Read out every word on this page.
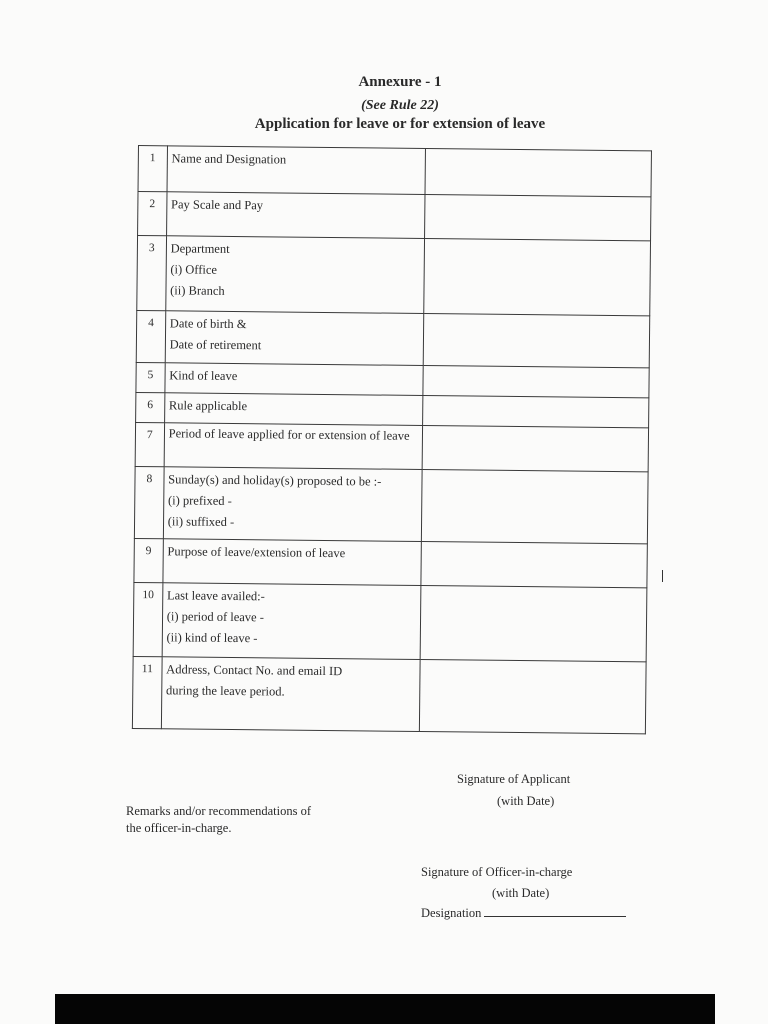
Annexure - 1
(See Rule 22)
Application for leave or for extension of leave
1	Name and Designation	

2	Pay Scale and Pay	

3	Department
(i) Office
(ii) Branch	

4	Date of birth &
Date of retirement	

5	Kind of leave	

6	Rule applicable	

7	Period of leave applied for or extension of leave	

8	Sunday(s) and holiday(s) proposed to be :-
(i) prefixed -
(ii) suffixed -	

9	Purpose of leave/extension of leave	

10	Last leave availed:-
(i) period of leave -
(ii) kind of leave -	

11	Address, Contact No. and email ID
during the leave period.	

Signature of Applicant
(with Date)
Remarks and/or recommendations of
the officer-in-charge.
Signature of Officer-in-charge
(with Date)
Designation
